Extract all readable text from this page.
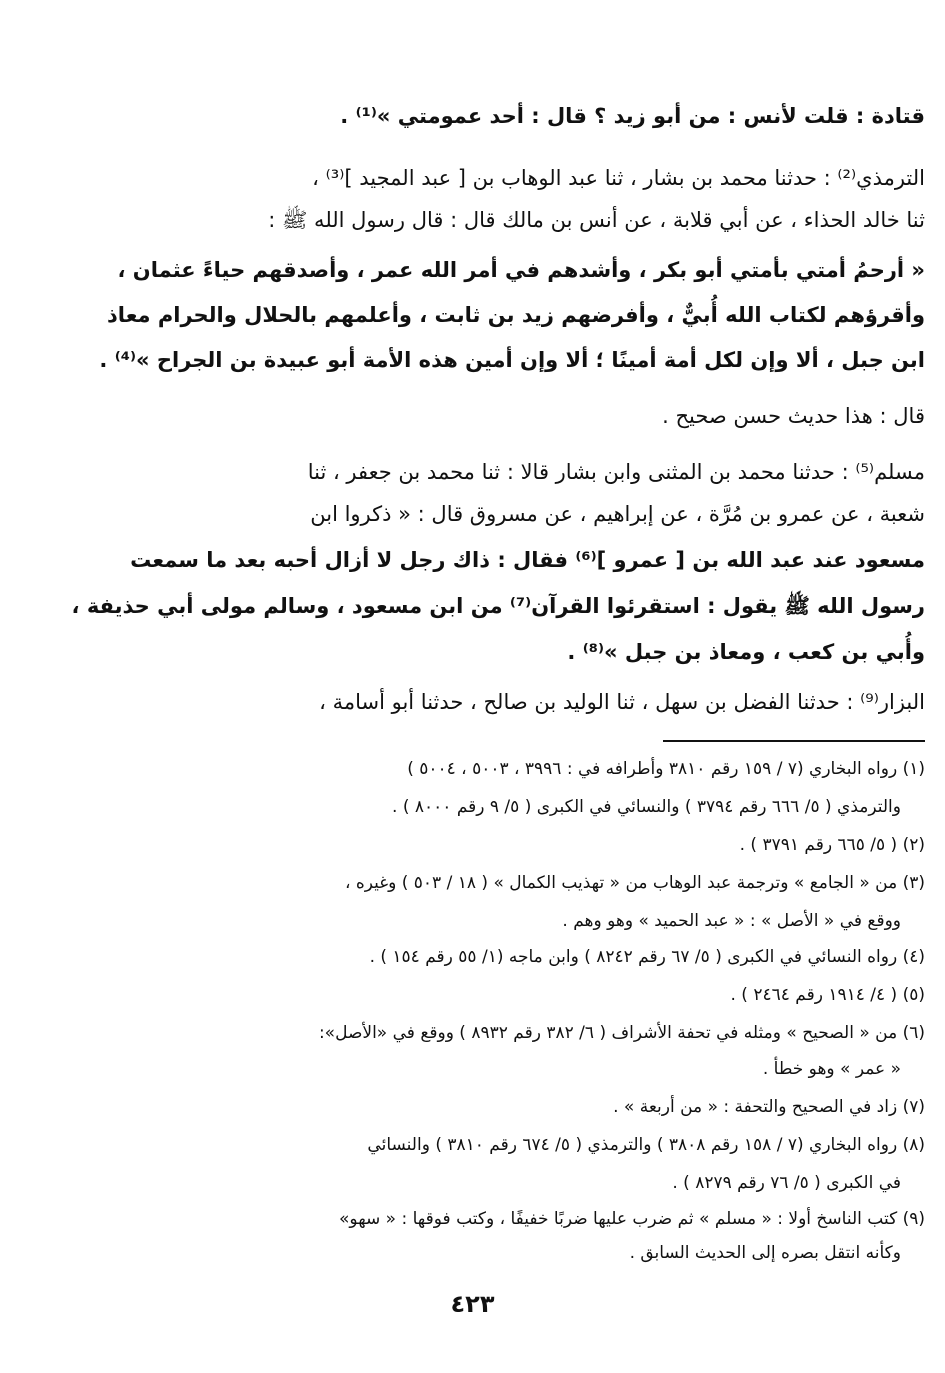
قتادة : قلت لأنس : من أبو زيد ؟ قال : أحد عمومتي »⁽¹⁾ .
الترمذي⁽²⁾ : حدثنا محمد بن بشار ، ثنا عبد الوهاب بن [ عبد المجيد ]⁽³⁾ ،
ثنا خالد الحذاء ، عن أبي قلابة ، عن أنس بن مالك قال : قال رسول الله ﷺ :
« أرحمُ أمتي بأمتي أبو بكر ، وأشدهم في أمر الله عمر ، وأصدقهم حياءً عثمان ،
وأقرؤهم لكتاب الله أُبيٌّ ، وأفرضهم زيد بن ثابت ، وأعلمهم بالحلال والحرام معاذ
ابن جبل ، ألا وإن لكل أمة أمينًا ؛ ألا وإن أمين هذه الأمة أبو عبيدة بن الجراح »⁽⁴⁾ .
قال : هذا حديث حسن صحيح .
مسلم⁽⁵⁾ : حدثنا محمد بن المثنى وابن بشار قالا : ثنا محمد بن جعفر ، ثنا
شعبة ، عن عمرو بن مُرَّة ، عن إبراهيم ، عن مسروق قال : « ذكروا ابن
مسعود عند عبد الله بن [ عمرو ]⁽⁶⁾ فقال : ذاك رجل لا أزال أحبه بعد ما سمعت
رسول الله ﷺ يقول : استقرئوا القرآن⁽⁷⁾ من ابن مسعود ، وسالم مولى أبي حذيفة ،
وأُبي بن كعب ، ومعاذ بن جبل »⁽⁸⁾ .
البزار⁽⁹⁾ : حدثنا الفضل بن سهل ، ثنا الوليد بن صالح ، حدثنا أبو أسامة ،
(١) رواه البخاري (٧ / ١٥٩ رقم ٣٨١٠ وأطرافه في : ٣٩٩٦ ، ٥٠٠٣ ، ٥٠٠٤ )
والترمذي ( ٥/ ٦٦٦ رقم ٣٧٩٤ ) والنسائي في الكبرى ( ٥/ ٩ رقم ٨٠٠٠ ) .
(٢) ( ٥/ ٦٦٥ رقم ٣٧٩١ ) .
(٣) من « الجامع » وترجمة عبد الوهاب من « تهذيب الكمال » ( ١٨ / ٥٠٣ ) وغيره ،
ووقع في « الأصل » : « عبد الحميد » وهو وهم .
(٤) رواه النسائي في الكبرى ( ٥/ ٦٧ رقم ٨٢٤٢ ) وابن ماجه (١/ ٥٥ رقم ١٥٤ ) .
(٥) ( ٤/ ١٩١٤ رقم ٢٤٦٤ ) .
(٦) من « الصحيح » ومثله في تحفة الأشراف ( ٦/ ٣٨٢ رقم ٨٩٣٢ ) ووقع في «الأصل»:
« عمر » وهو خطأ .
(٧) زاد في الصحيح والتحفة : « من أربعة » .
(٨) رواه البخاري (٧ / ١٥٨ رقم ٣٨٠٨ ) والترمذي ( ٥/ ٦٧٤ رقم ٣٨١٠ ) والنسائي
في الكبرى ( ٥/ ٧٦ رقم ٨٢٧٩ ) .
(٩) كتب الناسخ أولا : « مسلم » ثم ضرب عليها ضربًا خفيفًا ، وكتب فوقها : « سهو»
وكأنه انتقل بصره إلى الحديث السابق .
٤٢٣
